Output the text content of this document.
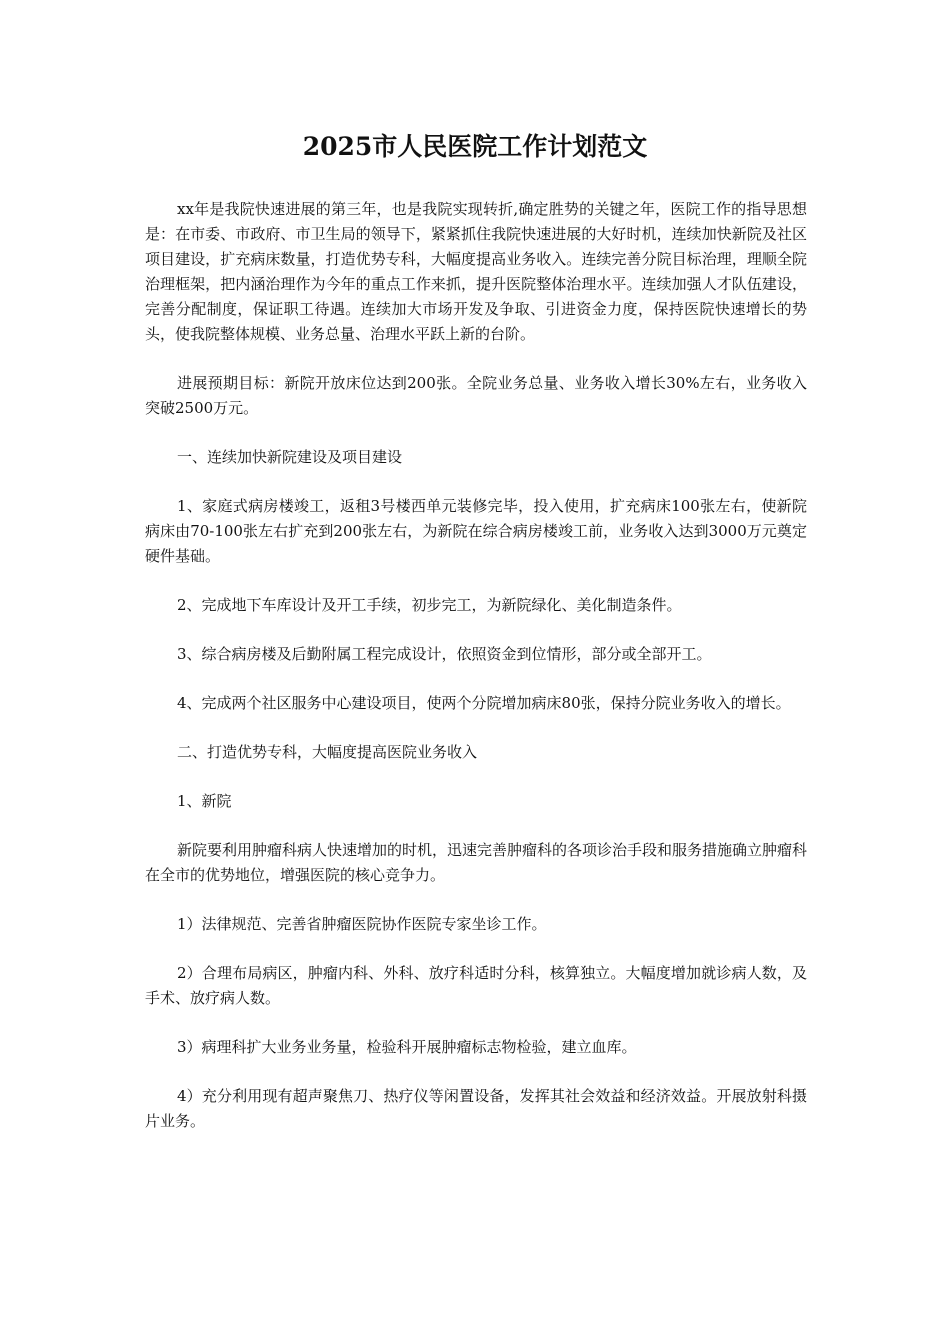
2025市人民医院工作计划范文

xx年是我院快速进展的第三年，也是我院实现转折,确定胜势的关键之年，医院工作的指导思想是：在市委、市政府、市卫生局的领导下，紧紧抓住我院快速进展的大好时机，连续加快新院及社区项目建设，扩充病床数量，打造优势专科，大幅度提高业务收入。连续完善分院目标治理，理顺全院治理框架，把内涵治理作为今年的重点工作来抓，提升医院整体治理水平。连续加强人才队伍建设，完善分配制度，保证职工待遇。连续加大市场开发及争取、引进资金力度，保持医院快速增长的势头，使我院整体规模、业务总量、治理水平跃上新的台阶。

进展预期目标：新院开放床位达到200张。全院业务总量、业务收入增长30%左右，业务收入突破2500万元。

一、连续加快新院建设及项目建设

1、家庭式病房楼竣工，返租3号楼西单元装修完毕，投入使用，扩充病床100张左右，使新院病床由70-100张左右扩充到200张左右，为新院在综合病房楼竣工前，业务收入达到3000万元奠定硬件基础。

2、完成地下车库设计及开工手续，初步完工，为新院绿化、美化制造条件。

3、综合病房楼及后勤附属工程完成设计，依照资金到位情形，部分或全部开工。

4、完成两个社区服务中心建设项目，使两个分院增加病床80张，保持分院业务收入的增长。

二、打造优势专科，大幅度提高医院业务收入

1、新院

新院要利用肿瘤科病人快速增加的时机，迅速完善肿瘤科的各项诊治手段和服务措施确立肿瘤科在全市的优势地位，增强医院的核心竞争力。

1）法律规范、完善省肿瘤医院协作医院专家坐诊工作。

2）合理布局病区，肿瘤内科、外科、放疗科适时分科，核算独立。大幅度增加就诊病人数，及手术、放疗病人数。

3）病理科扩大业务业务量，检验科开展肿瘤标志物检验，建立血库。

4）充分利用现有超声聚焦刀、热疗仪等闲置设备，发挥其社会效益和经济效益。开展放射科摄片业务。
